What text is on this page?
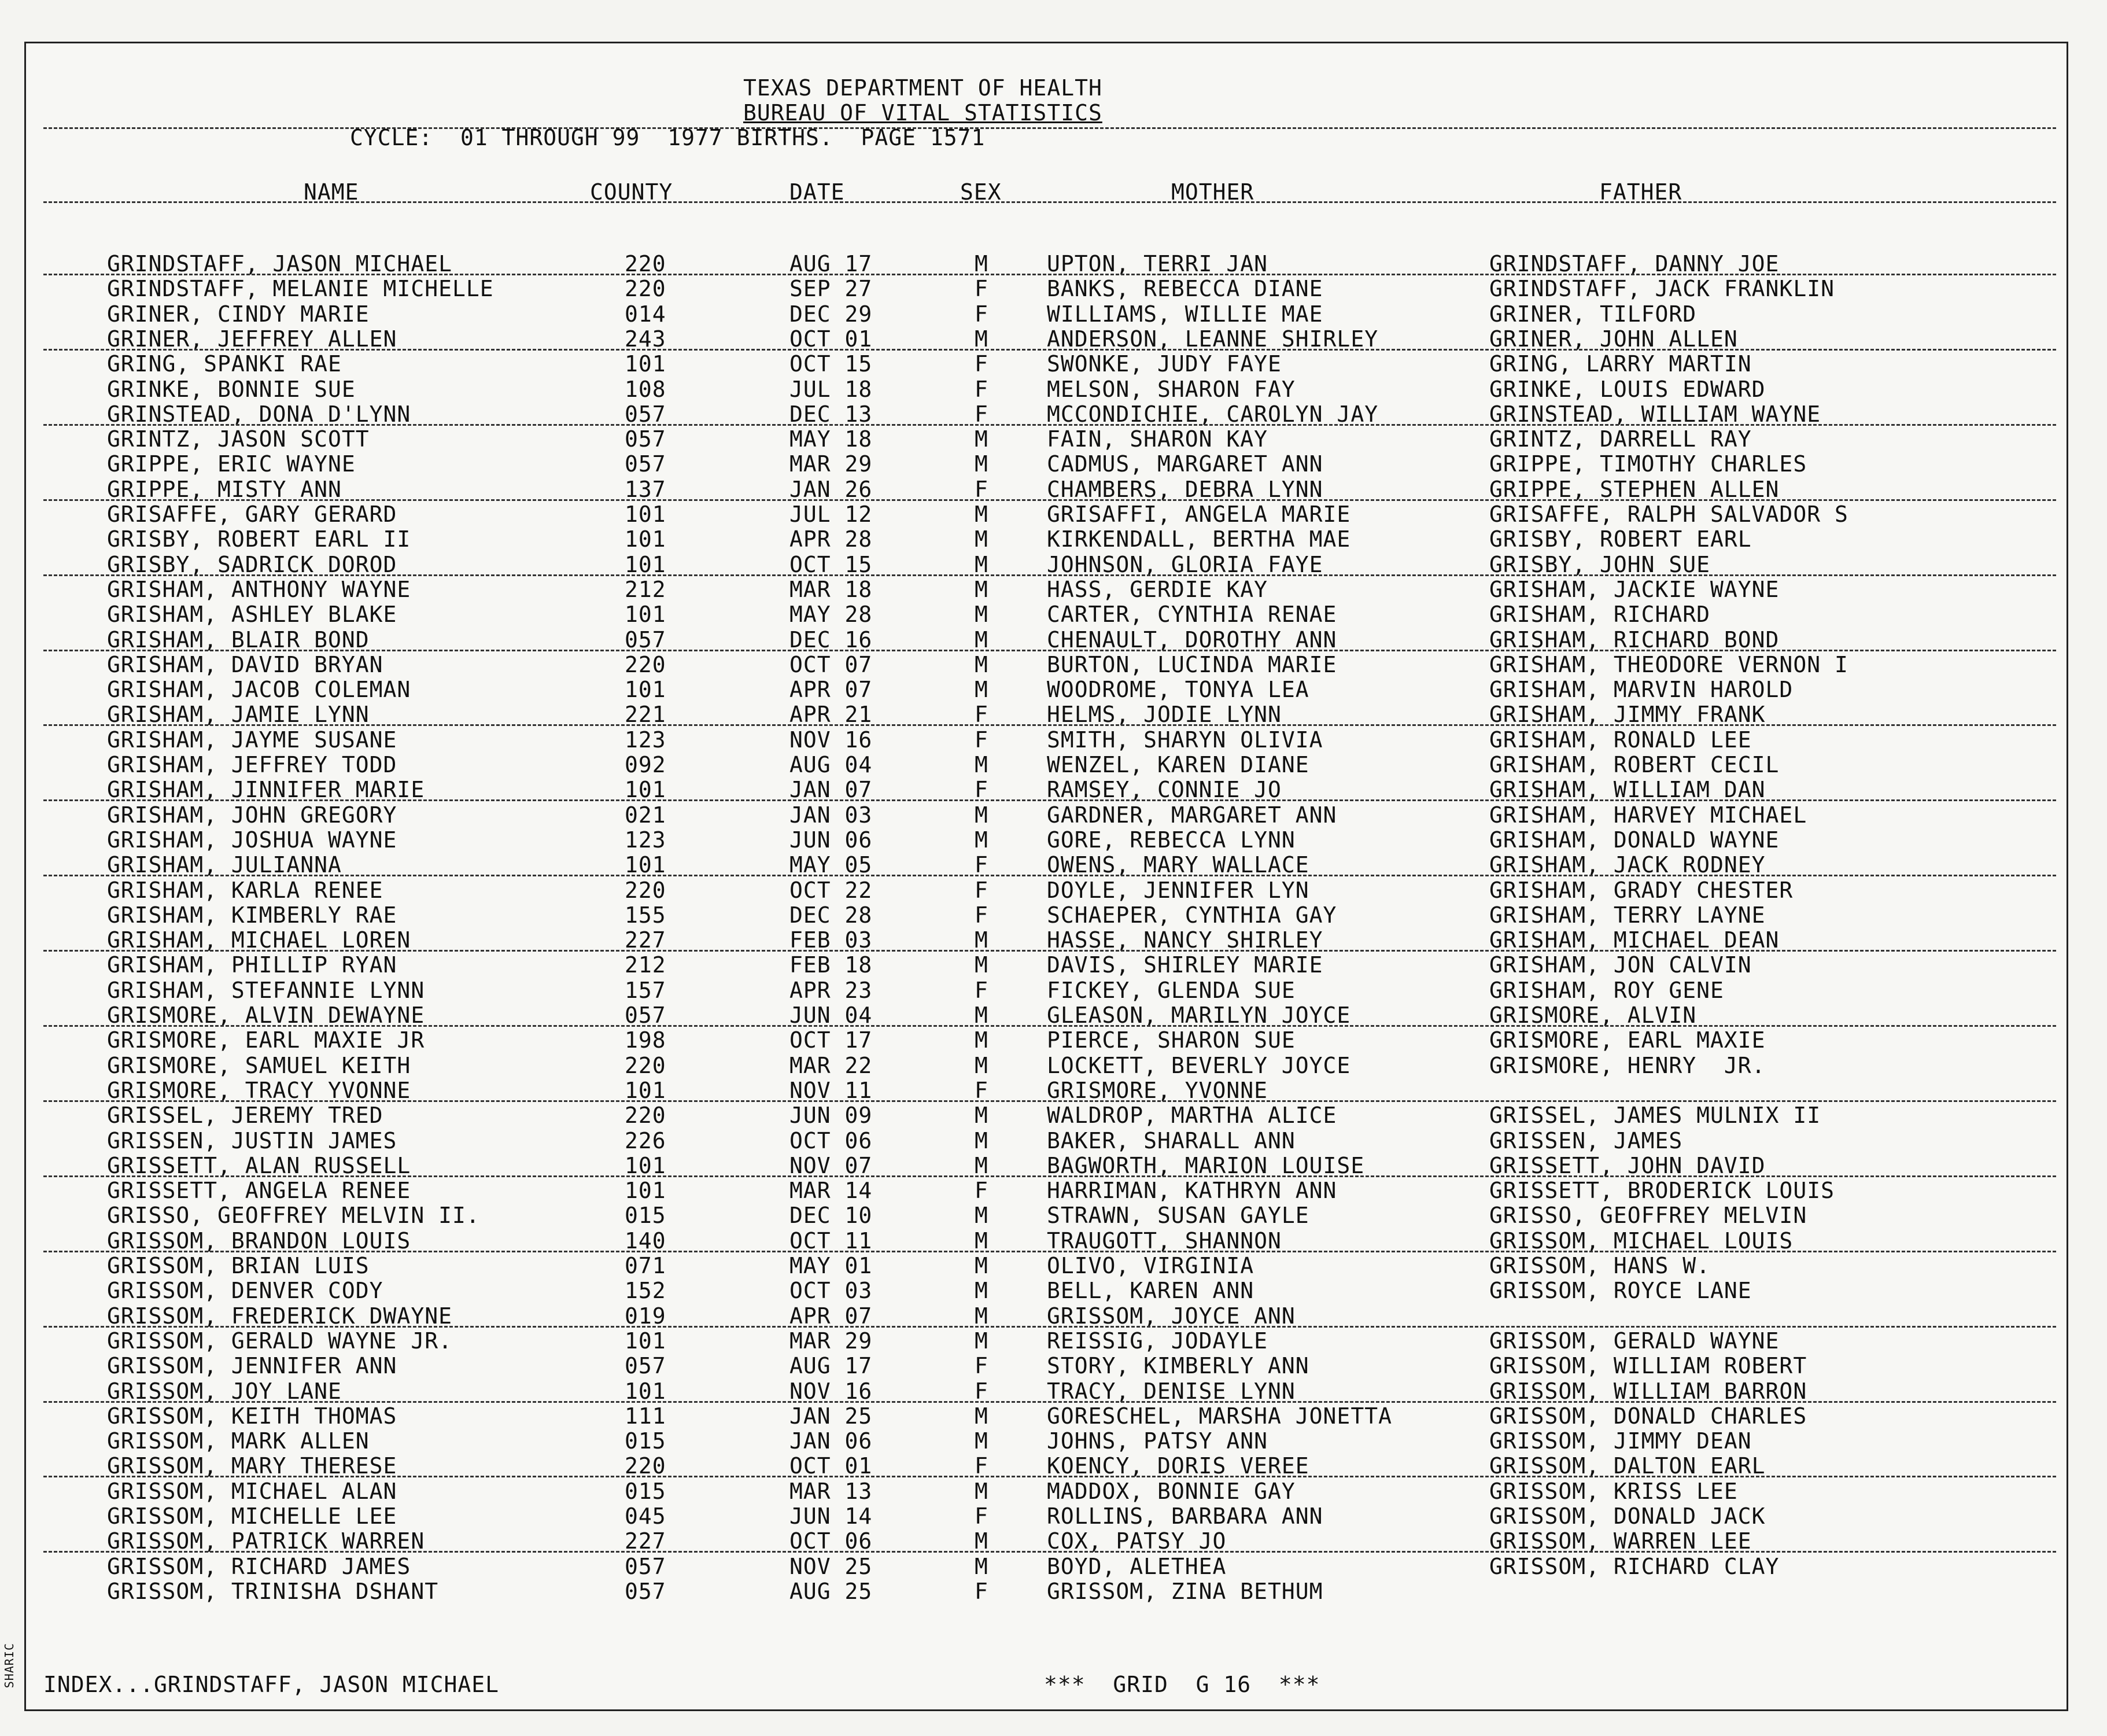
TEXAS DEPARTMENT OF HEALTH
BUREAU OF VITAL STATISTICS
CYCLE:  01 THROUGH 99  1977 BIRTHS.  PAGE 1571
NAME	COUNTY	DATE	SEX	MOTHER	FATHER
GRINDSTAFF, JASON MICHAEL	220	AUG 17	M	UPTON, TERRI JAN	GRINDSTAFF, DANNY JOE
GRINDSTAFF, MELANIE MICHELLE	220	SEP 27	F	BANKS, REBECCA DIANE	GRINDSTAFF, JACK FRANKLIN
GRINER, CINDY MARIE	014	DEC 29	F	WILLIAMS, WILLIE MAE	GRINER, TILFORD
GRINER, JEFFREY ALLEN	243	OCT 01	M	ANDERSON, LEANNE SHIRLEY	GRINER, JOHN ALLEN
GRING, SPANKI RAE	101	OCT 15	F	SWONKE, JUDY FAYE	GRING, LARRY MARTIN
GRINKE, BONNIE SUE	108	JUL 18	F	MELSON, SHARON FAY	GRINKE, LOUIS EDWARD
GRINSTEAD, DONA D'LYNN	057	DEC 13	F	MCCONDICHIE, CAROLYN JAY	GRINSTEAD, WILLIAM WAYNE
GRINTZ, JASON SCOTT	057	MAY 18	M	FAIN, SHARON KAY	GRINTZ, DARRELL RAY
GRIPPE, ERIC WAYNE	057	MAR 29	M	CADMUS, MARGARET ANN	GRIPPE, TIMOTHY CHARLES
GRIPPE, MISTY ANN	137	JAN 26	F	CHAMBERS, DEBRA LYNN	GRIPPE, STEPHEN ALLEN
GRISAFFE, GARY GERARD	101	JUL 12	M	GRISAFFI, ANGELA MARIE	GRISAFFE, RALPH SALVADOR S
GRISBY, ROBERT EARL II	101	APR 28	M	KIRKENDALL, BERTHA MAE	GRISBY, ROBERT EARL
GRISBY, SADRICK DOROD	101	OCT 15	M	JOHNSON, GLORIA FAYE	GRISBY, JOHN SUE
GRISHAM, ANTHONY WAYNE	212	MAR 18	M	HASS, GERDIE KAY	GRISHAM, JACKIE WAYNE
GRISHAM, ASHLEY BLAKE	101	MAY 28	M	CARTER, CYNTHIA RENAE	GRISHAM, RICHARD
GRISHAM, BLAIR BOND	057	DEC 16	M	CHENAULT, DOROTHY ANN	GRISHAM, RICHARD BOND
GRISHAM, DAVID BRYAN	220	OCT 07	M	BURTON, LUCINDA MARIE	GRISHAM, THEODORE VERNON I
GRISHAM, JACOB COLEMAN	101	APR 07	M	WOODROME, TONYA LEA	GRISHAM, MARVIN HAROLD
GRISHAM, JAMIE LYNN	221	APR 21	F	HELMS, JODIE LYNN	GRISHAM, JIMMY FRANK
GRISHAM, JAYME SUSANE	123	NOV 16	F	SMITH, SHARYN OLIVIA	GRISHAM, RONALD LEE
GRISHAM, JEFFREY TODD	092	AUG 04	M	WENZEL, KAREN DIANE	GRISHAM, ROBERT CECIL
GRISHAM, JINNIFER MARIE	101	JAN 07	F	RAMSEY, CONNIE JO	GRISHAM, WILLIAM DAN
GRISHAM, JOHN GREGORY	021	JAN 03	M	GARDNER, MARGARET ANN	GRISHAM, HARVEY MICHAEL
GRISHAM, JOSHUA WAYNE	123	JUN 06	M	GORE, REBECCA LYNN	GRISHAM, DONALD WAYNE
GRISHAM, JULIANNA	101	MAY 05	F	OWENS, MARY WALLACE	GRISHAM, JACK RODNEY
GRISHAM, KARLA RENEE	220	OCT 22	F	DOYLE, JENNIFER LYN	GRISHAM, GRADY CHESTER
GRISHAM, KIMBERLY RAE	155	DEC 28	F	SCHAEPER, CYNTHIA GAY	GRISHAM, TERRY LAYNE
GRISHAM, MICHAEL LOREN	227	FEB 03	M	HASSE, NANCY SHIRLEY	GRISHAM, MICHAEL DEAN
GRISHAM, PHILLIP RYAN	212	FEB 18	M	DAVIS, SHIRLEY MARIE	GRISHAM, JON CALVIN
GRISHAM, STEFANNIE LYNN	157	APR 23	F	FICKEY, GLENDA SUE	GRISHAM, ROY GENE
GRISMORE, ALVIN DEWAYNE	057	JUN 04	M	GLEASON, MARILYN JOYCE	GRISMORE, ALVIN
GRISMORE, EARL MAXIE JR	198	OCT 17	M	PIERCE, SHARON SUE	GRISMORE, EARL MAXIE
GRISMORE, SAMUEL KEITH	220	MAR 22	M	LOCKETT, BEVERLY JOYCE	GRISMORE, HENRY  JR.
GRISMORE, TRACY YVONNE	101	NOV 11	F	GRISMORE, YVONNE
GRISSEL, JEREMY TRED	220	JUN 09	M	WALDROP, MARTHA ALICE	GRISSEL, JAMES MULNIX II
GRISSEN, JUSTIN JAMES	226	OCT 06	M	BAKER, SHARALL ANN	GRISSEN, JAMES
GRISSETT, ALAN RUSSELL	101	NOV 07	M	BAGWORTH, MARION LOUISE	GRISSETT, JOHN DAVID
GRISSETT, ANGELA RENEE	101	MAR 14	F	HARRIMAN, KATHRYN ANN	GRISSETT, BRODERICK LOUIS
GRISSO, GEOFFREY MELVIN II.	015	DEC 10	M	STRAWN, SUSAN GAYLE	GRISSO, GEOFFREY MELVIN
GRISSOM, BRANDON LOUIS	140	OCT 11	M	TRAUGOTT, SHANNON	GRISSOM, MICHAEL LOUIS
GRISSOM, BRIAN LUIS	071	MAY 01	M	OLIVO, VIRGINIA	GRISSOM, HANS W.
GRISSOM, DENVER CODY	152	OCT 03	M	BELL, KAREN ANN	GRISSOM, ROYCE LANE
GRISSOM, FREDERICK DWAYNE	019	APR 07	M	GRISSOM, JOYCE ANN
GRISSOM, GERALD WAYNE JR.	101	MAR 29	M	REISSIG, JODAYLE	GRISSOM, GERALD WAYNE
GRISSOM, JENNIFER ANN	057	AUG 17	F	STORY, KIMBERLY ANN	GRISSOM, WILLIAM ROBERT
GRISSOM, JOY LANE	101	NOV 16	F	TRACY, DENISE LYNN	GRISSOM, WILLIAM BARRON
GRISSOM, KEITH THOMAS	111	JAN 25	M	GORESCHEL, MARSHA JONETTA	GRISSOM, DONALD CHARLES
GRISSOM, MARK ALLEN	015	JAN 06	M	JOHNS, PATSY ANN	GRISSOM, JIMMY DEAN
GRISSOM, MARY THERESE	220	OCT 01	F	KOENCY, DORIS VEREE	GRISSOM, DALTON EARL
GRISSOM, MICHAEL ALAN	015	MAR 13	M	MADDOX, BONNIE GAY	GRISSOM, KRISS LEE
GRISSOM, MICHELLE LEE	045	JUN 14	F	ROLLINS, BARBARA ANN	GRISSOM, DONALD JACK
GRISSOM, PATRICK WARREN	227	OCT 06	M	COX, PATSY JO	GRISSOM, WARREN LEE
GRISSOM, RICHARD JAMES	057	NOV 25	M	BOYD, ALETHEA	GRISSOM, RICHARD CLAY
GRISSOM, TRINISHA DSHANT	057	AUG 25	F	GRISSOM, ZINA BETHUM
INDEX...GRINDSTAFF, JASON MICHAEL	***  GRID  G 16  ***
SHARIC
